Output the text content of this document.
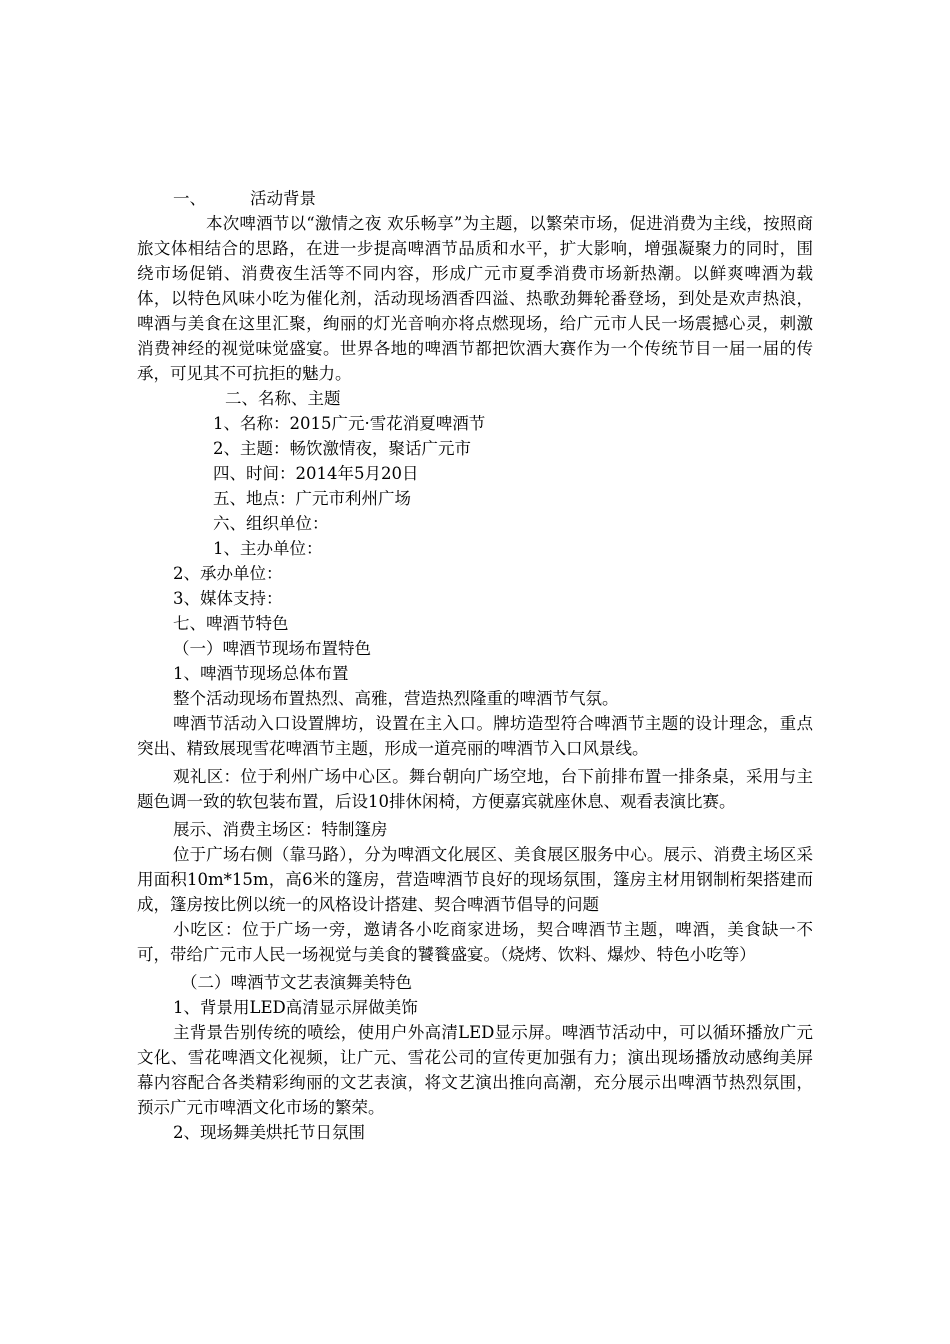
一、	活动背景
本次啤酒节以“激情之夜 欢乐畅享”为主题，以繁荣市场，促进消费为主线，按照商旅文体相结合的思路，在进一步提高啤酒节品质和水平，扩大影响，增强凝聚力的同时，围绕市场促销、消费夜生活等不同内容，形成广元市夏季消费市场新热潮。以鲜爽啤酒为载体，以特色风味小吃为催化剂，活动现场酒香四溢、热歌劲舞轮番登场，到处是欢声热浪，啤酒与美食在这里汇聚，绚丽的灯光音响亦将点燃现场，给广元市人民一场震撼心灵，刺激消费神经的视觉味觉盛宴。世界各地的啤酒节都把饮酒大赛作为一个传统节目一届一届的传承，可见其不可抗拒的魅力。
二、名称、主题
1、名称：2015广元·雪花消夏啤酒节
2、主题：畅饮激情夜，聚话广元市
四、时间：2014年5月20日
五、地点：广元市利州广场
六、组织单位：
1、主办单位：
2、承办单位：
3、媒体支持：
七、啤酒节特色
（一）啤酒节现场布置特色
1、啤酒节现场总体布置
整个活动现场布置热烈、高雅，营造热烈隆重的啤酒节气氛。
啤酒节活动入口设置牌坊，设置在主入口。牌坊造型符合啤酒节主题的设计理念，重点突出、精致展现雪花啤酒节主题，形成一道亮丽的啤酒节入口风景线。
观礼区：位于利州广场中心区。舞台朝向广场空地，台下前排布置一排条桌，采用与主题色调一致的软包装布置，后设10排休闲椅，方便嘉宾就座休息、观看表演比赛。
展示、消费主场区：特制篷房
位于广场右侧（靠马路），分为啤酒文化展区、美食展区服务中心。展示、消费主场区采用面积10m*15m，高6米的篷房，营造啤酒节良好的现场氛围，篷房主材用钢制桁架搭建而成，篷房按比例以统一的风格设计搭建、契合啤酒节倡导的问题
小吃区：位于广场一旁，邀请各小吃商家进场，契合啤酒节主题，啤酒，美食缺一不可，带给广元市人民一场视觉与美食的饕餮盛宴。（烧烤、饮料、爆炒、特色小吃等）
（二）啤酒节文艺表演舞美特色
1、背景用LED高清显示屏做美饰
主背景告别传统的喷绘，使用户外高清LED显示屏。啤酒节活动中，可以循环播放广元文化、雪花啤酒文化视频，让广元、雪花公司的宣传更加强有力；演出现场播放动感绚美屏幕内容配合各类精彩绚丽的文艺表演，将文艺演出推向高潮，充分展示出啤酒节热烈氛围，预示广元市啤酒文化市场的繁荣。
2、现场舞美烘托节日氛围
